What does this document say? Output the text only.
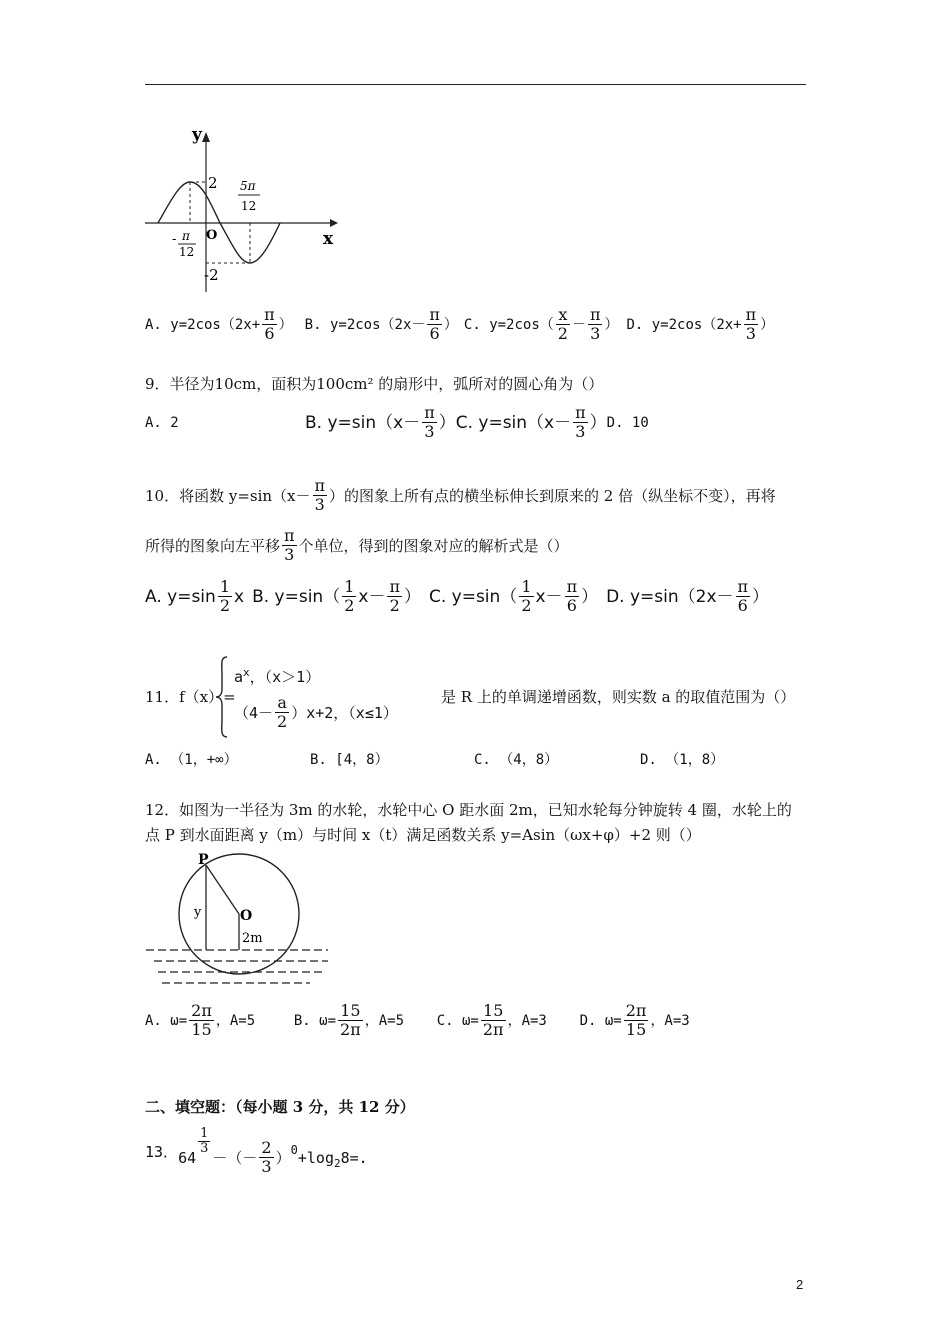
y
x
O
2
-2
- π
12
5π
12
A. $y=2\cos(2x+ \frac{\pi}{6}$ ） B. $y=2\cos(2x- \frac{\pi}{6}$ ） C. $y=2\cos( \frac{x}{2} - \frac{\pi}{3}$ ） D. $y=2\cos(2x+ \frac{\pi}{3}$ ）
9．半径为10cm，面积为100cm² 的扇形中，弧所对的圆心角为（）
A. 2	B. $y=\sin(x- \frac{\pi}{3}$ ） C. $y=\sin(x- \frac{\pi}{3}$ ） D. 10
10．将函数 $y=\sin(x- \frac{\pi}{3}$ ）的图象上所有点的横坐标伸长到原来的 2 倍（纵坐标不变），再将
所得的图象向左平移 $\frac{\pi}{3}$ 个单位，得到的图象对应的解析式是（）
A. $y=\sin \frac{1}{2}$ x B. $y=\sin( \frac{1}{2} x- \frac{\pi}{2}$ ） C. $y=\sin( \frac{1}{2} x- \frac{\pi}{6}$ ） D. $y=\sin(2x- \frac{\pi}{6}$ ）
11．f（x）=
$a^x$，（x＞1）
$(4- \frac{a}{2} )x+2$，（x≤1）
是 R 上的单调递增函数，则实数 a 的取值范围为（）
A. （1，+∞）	B. [4，8）	C. （4，8）	D. （1，8）
12．如图为一半径为 3m 的水轮，水轮中心 O 距水面 2m，已知水轮每分钟旋转 4 圈，水轮上的
点 P 到水面距离 y（m）与时间 x（t）满足函数关系 y=Asin（ωx+φ）+2 则（）
P
O
y
2m
A. $\omega= \frac{2\pi}{15}$ ，A=5	B. $\omega= \frac{15}{2\pi}$ ，A=5	C. $\omega= \frac{15}{2\pi}$ ，A=3	D. $\omega= \frac{2\pi}{15}$ ，A=3
二、填空题：（每小题 3 分，共 12 分）
13． 64
$\frac{1}{3}$
－（－ $\frac{2}{3}$ ） 0 +log 2 8=.
2
